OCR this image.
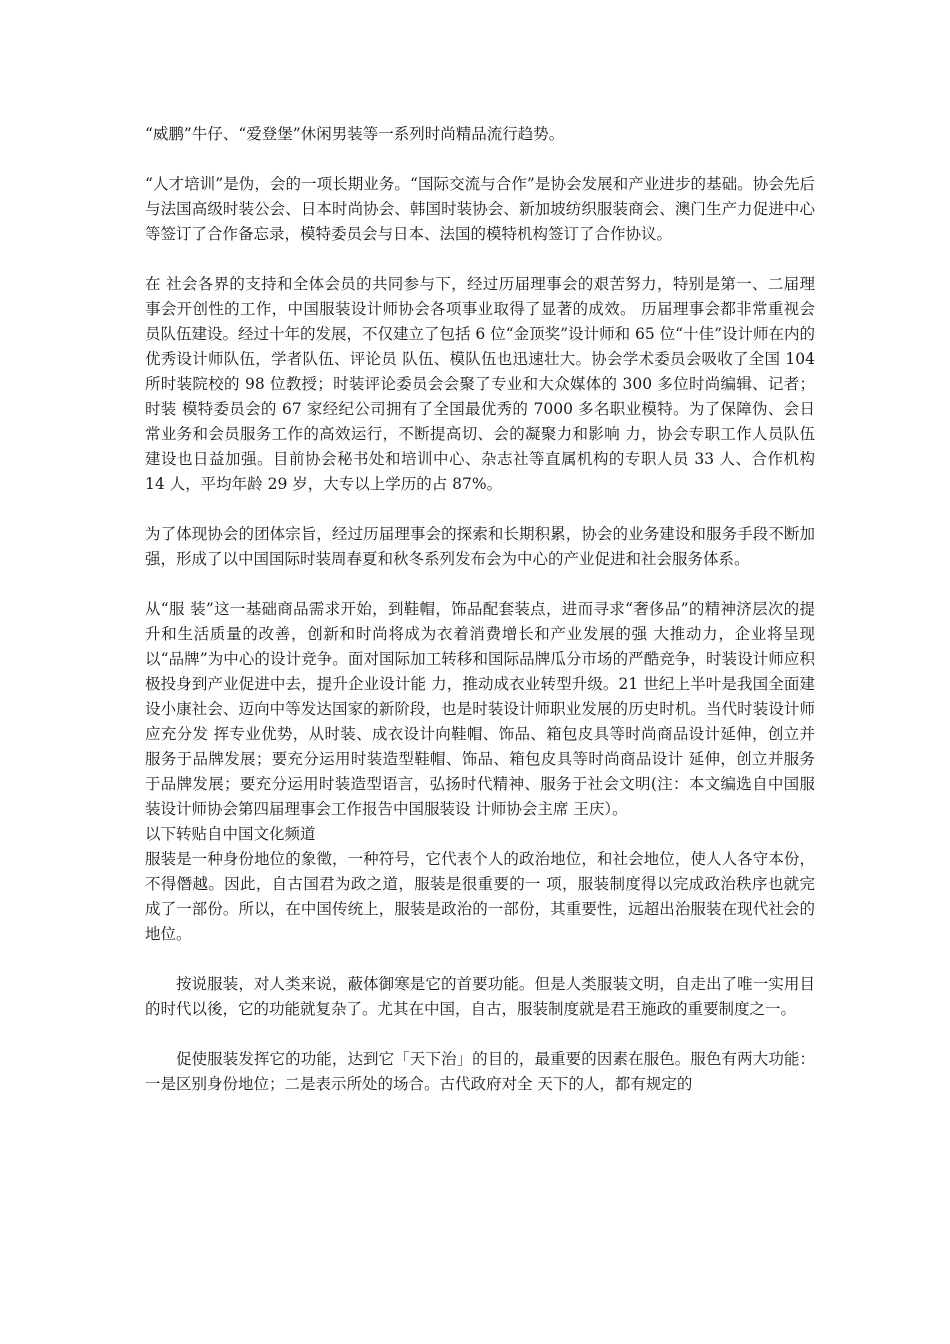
“威鹏”牛仔、“爱登堡”休闲男装等一系列时尚精品流行趋势。

“人才培训”是伪，会的一项长期业务。“国际交流与合作”是协会发展和产业进步的基础。协会先后与法国高级时装公会、日本时尚协会、韩国时装协会、新加坡纺织服装商会、澳门生产力促进中心等签订了合作备忘录，模特委员会与日本、法国的模特机构签订了合作协议。

在 社会各界的支持和全体会员的共同参与下，经过历届理事会的艰苦努力，特别是第一、二届理事会开创性的工作，中国服装设计师协会各项事业取得了显著的成效。 历届理事会都非常重视会员队伍建设。经过十年的发展，不仅建立了包括 6 位“金顶奖”设计师和 65 位“十佳”设计师在内的优秀设计师队伍，学者队伍、评论员 队伍、模队伍也迅速壮大。协会学术委员会吸收了全国 104 所时装院校的 98 位教授；时装评论委员会会聚了专业和大众媒体的 300 多位时尚编辑、记者；时装 模特委员会的 67 家经纪公司拥有了全国最优秀的 7000 多名职业模特。为了保障伪、会日常业务和会员服务工作的高效运行，不断提高切、会的凝聚力和影响 力，协会专职工作人员队伍建设也日益加强。目前协会秘书处和培训中心、杂志社等直属机构的专职人员 33 人、合作机构 14 人，平均年龄 29 岁，大专以上学历的占 87%。

为了体现协会的团体宗旨，经过历届理事会的探索和长期积累，协会的业务建设和服务手段不断加强，形成了以中国国际时装周春夏和秋冬系列发布会为中心的产业促进和社会服务体系。

从“服 装”这一基础商品需求开始，到鞋帽，饰品配套装点，进而寻求“奢侈品”的精神济层次的提升和生活质量的改善，创新和时尚将成为衣着消费增长和产业发展的强 大推动力，企业将呈现以“品牌”为中心的设计竞争。面对国际加工转移和国际品牌瓜分市场的严酷竞争，时装设计师应积极投身到产业促进中去，提升企业设计能 力，推动成衣业转型升级。21 世纪上半叶是我国全面建设小康社会、迈向中等发达国家的新阶段，也是时装设计师职业发展的历史时机。当代时装设计师应充分发 挥专业优势，从时装、成衣设计向鞋帽、饰品、箱包皮具等时尚商品设计延伸，创立并服务于品牌发展；要充分运用时装造型鞋帽、饰品、箱包皮具等时尚商品设计 延伸，创立并服务于品牌发展；要充分运用时装造型语言，弘扬时代精神、服务于社会文明(注：本文编选自中国服装设计师协会第四届理事会工作报告中国服装设 计师协会主席 王庆）。

以下转贴自中国文化频道

服装是一种身份地位的象徵，一种符号，它代表个人的政治地位，和社会地位，使人人各守本份，不得僭越。因此，自古国君为政之道，服装是很重要的一 项，服装制度得以完成政治秩序也就完成了一部份。所以，在中国传统上，服装是政治的一部份，其重要性，远超出治服装在现代社会的地位。

按说服装，对人类来说，蔽体御寒是它的首要功能。但是人类服装文明，自走出了唯一实用目的时代以後，它的功能就复杂了。尤其在中国，自古，服装制度就是君王施政的重要制度之一。

促使服装发挥它的功能，达到它「天下治」的目的，最重要的因素在服色。服色有两大功能：一是区别身份地位；二是表示所处的场合。古代政府对全 天下的人，都有规定的
